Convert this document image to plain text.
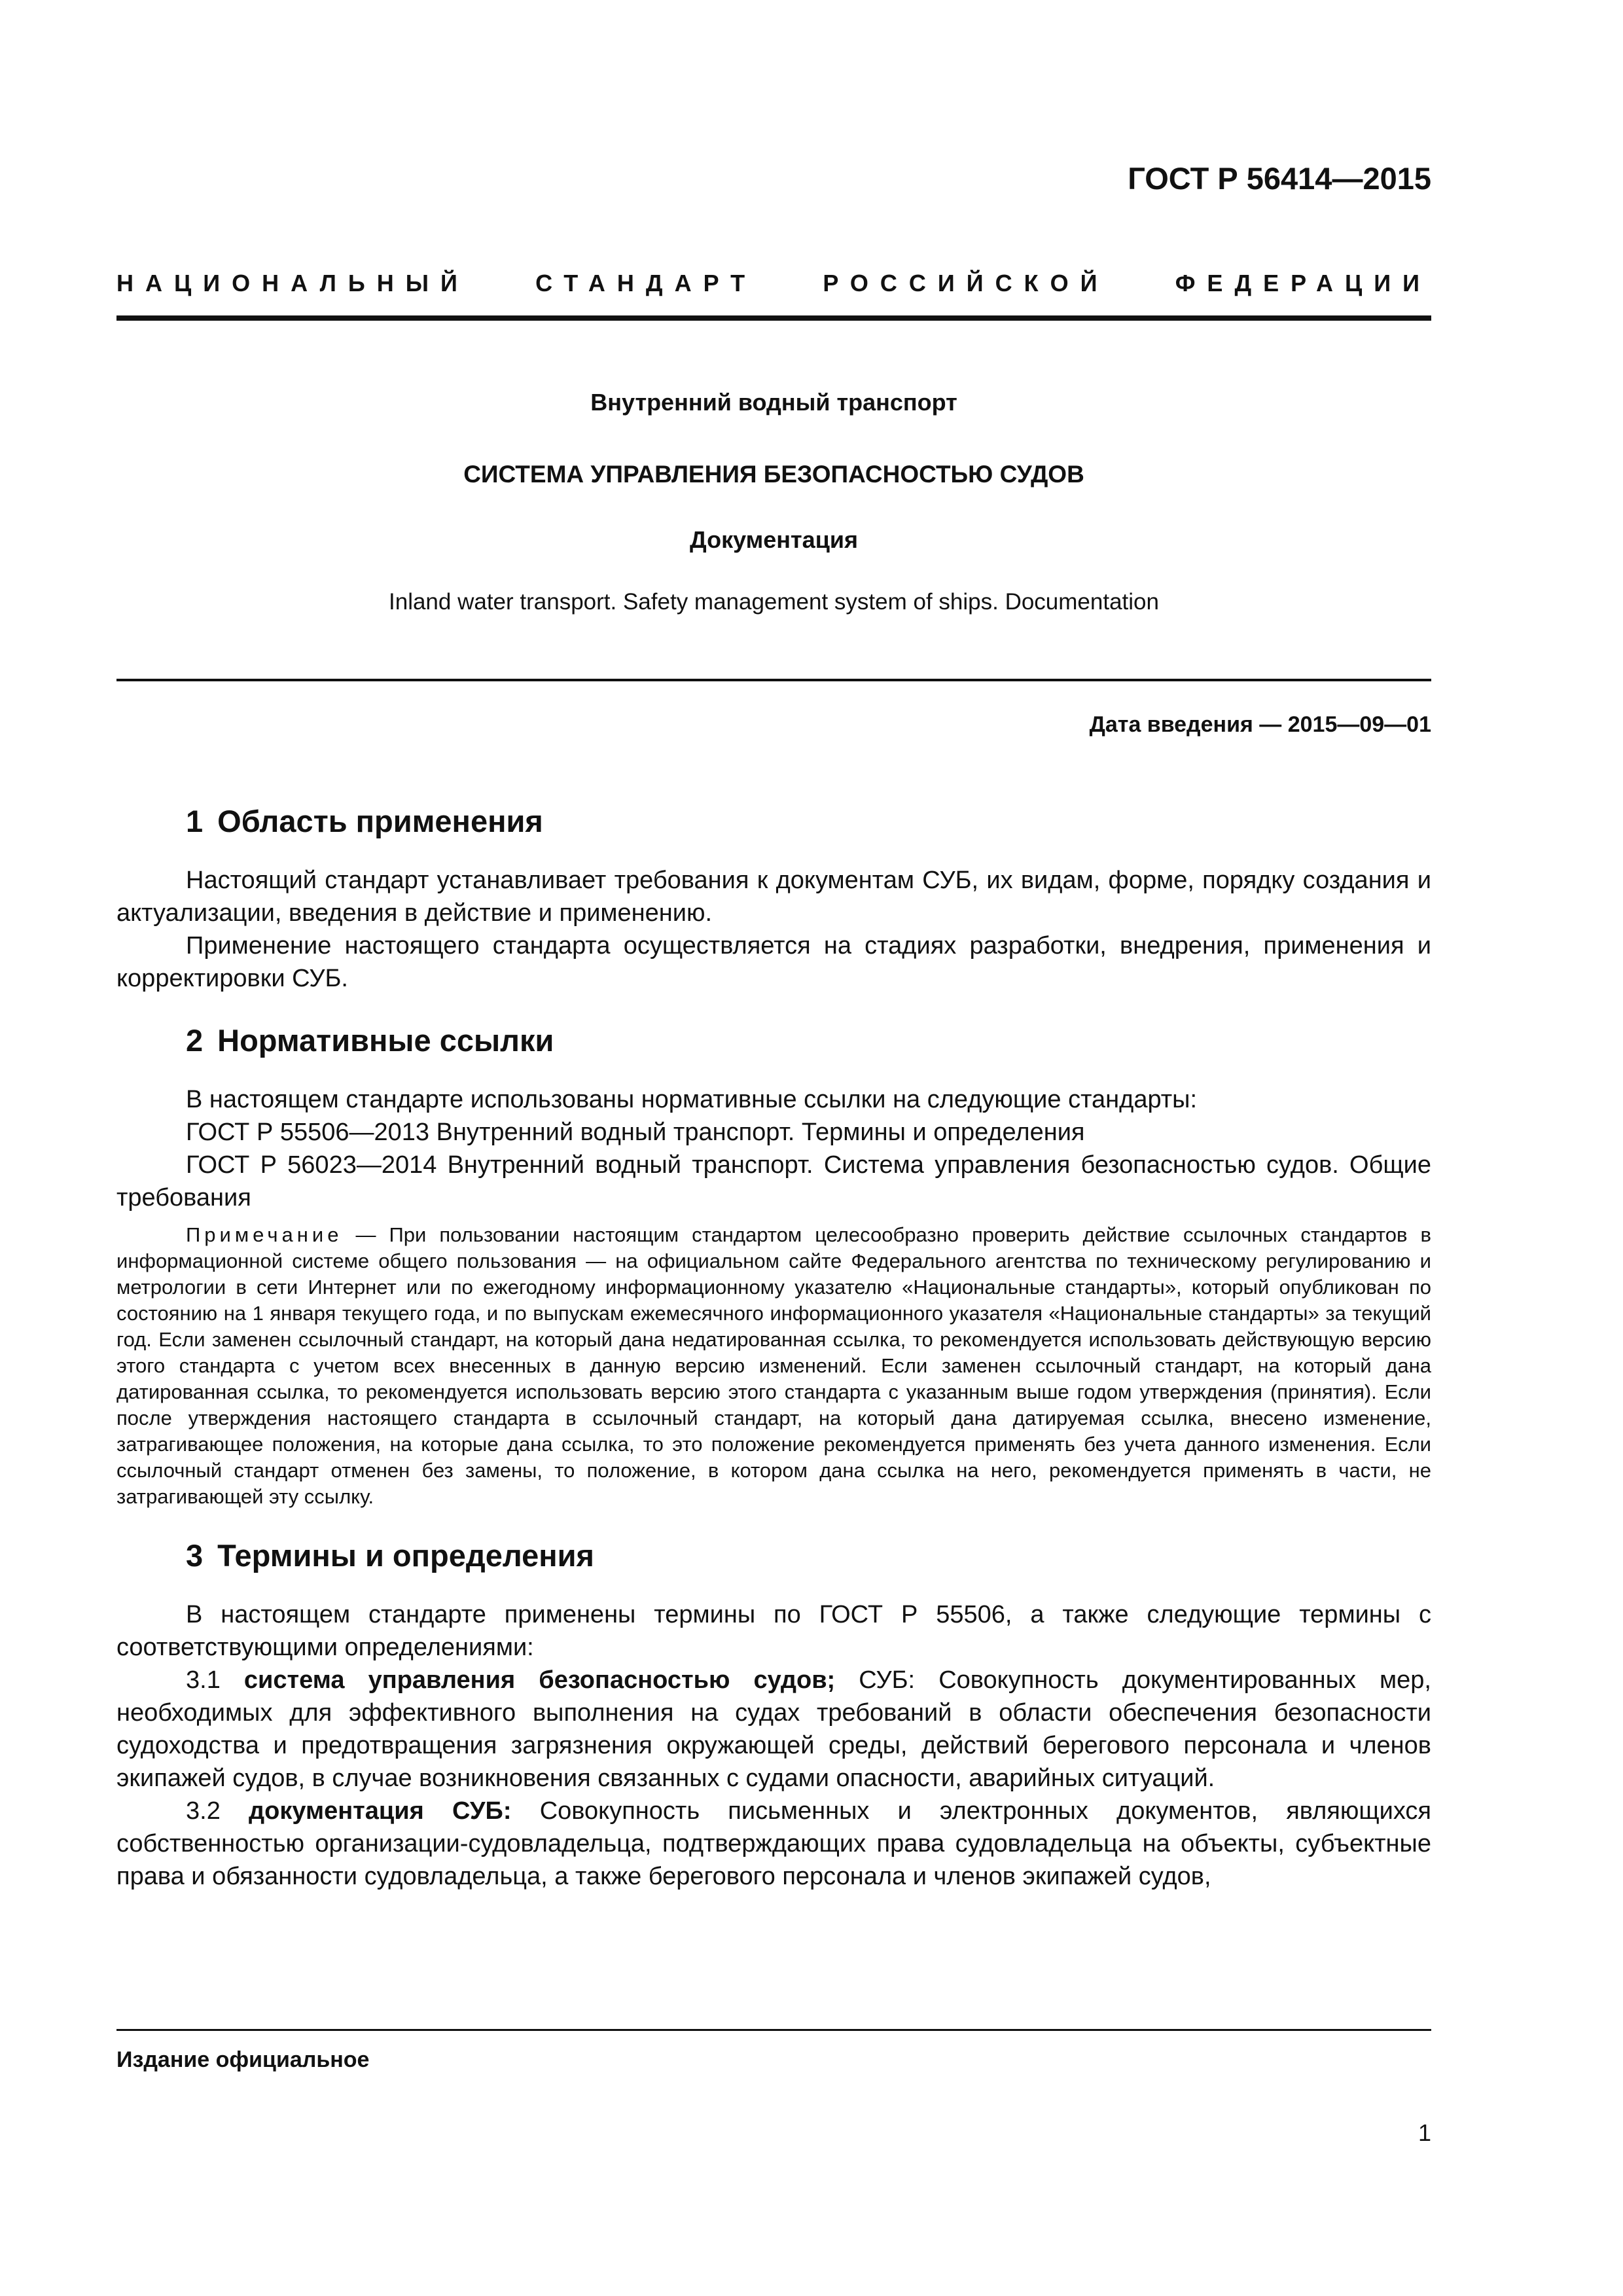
ГОСТ Р 56414—2015
НАЦИОНАЛЬНЫЙ СТАНДАРТ РОССИЙСКОЙ ФЕДЕРАЦИИ
Внутренний водный транспорт
СИСТЕМА УПРАВЛЕНИЯ БЕЗОПАСНОСТЬЮ СУДОВ
Документация
Inland water transport. Safety management system of ships. Documentation
Дата введения — 2015—09—01
1 Область применения

Настоящий стандарт устанавливает требования к документам СУБ, их видам, форме, порядку создания и актуализации, введения в действие и применению.

Применение настоящего стандарта осуществляется на стадиях разработки, внедрения, применения и корректировки СУБ.

2 Нормативные ссылки

В настоящем стандарте использованы нормативные ссылки на следующие стандарты:

ГОСТ Р 55506—2013 Внутренний водный транспорт. Термины и определения

ГОСТ Р 56023—2014 Внутренний водный транспорт. Система управления безопасностью судов. Общие требования

Примечание — При пользовании настоящим стандартом целесообразно проверить действие ссылочных стандартов в информационной системе общего пользования — на официальном сайте Федерального агентства по техническому регулированию и метрологии в сети Интернет или по ежегодному информационному указателю «Национальные стандарты», который опубликован по состоянию на 1 января текущего года, и по выпускам ежемесячного информационного указателя «Национальные стандарты» за текущий год. Если заменен ссылочный стандарт, на который дана недатированная ссылка, то рекомендуется использовать действующую версию этого стандарта с учетом всех внесенных в данную версию изменений. Если заменен ссылочный стандарт, на который дана датированная ссылка, то рекомендуется использовать версию этого стандарта с указанным выше годом утверждения (принятия). Если после утверждения настоящего стандарта в ссылочный стандарт, на который дана датируемая ссылка, внесено изменение, затрагивающее положения, на которые дана ссылка, то это положение рекомендуется применять без учета данного изменения. Если ссылочный стандарт отменен без замены, то положение, в котором дана ссылка на него, рекомендуется применять в части, не затрагивающей эту ссылку.

3 Термины и определения

В настоящем стандарте применены термины по ГОСТ Р 55506, а также следующие термины с соответствующими определениями:

3.1 система управления безопасностью судов; СУБ: Совокупность документированных мер, необходимых для эффективного выполнения на судах требований в области обеспечения безопасности судоходства и предотвращения загрязнения окружающей среды, действий берегового персонала и членов экипажей судов, в случае возникновения связанных с судами опасности, аварийных ситуаций.

3.2 документация СУБ: Совокупность письменных и электронных документов, являющихся собственностью организации-судовладельца, подтверждающих права судовладельца на объекты, субъектные права и обязанности судовладельца, а также берегового персонала и членов экипажей судов,

Издание официальное
1
